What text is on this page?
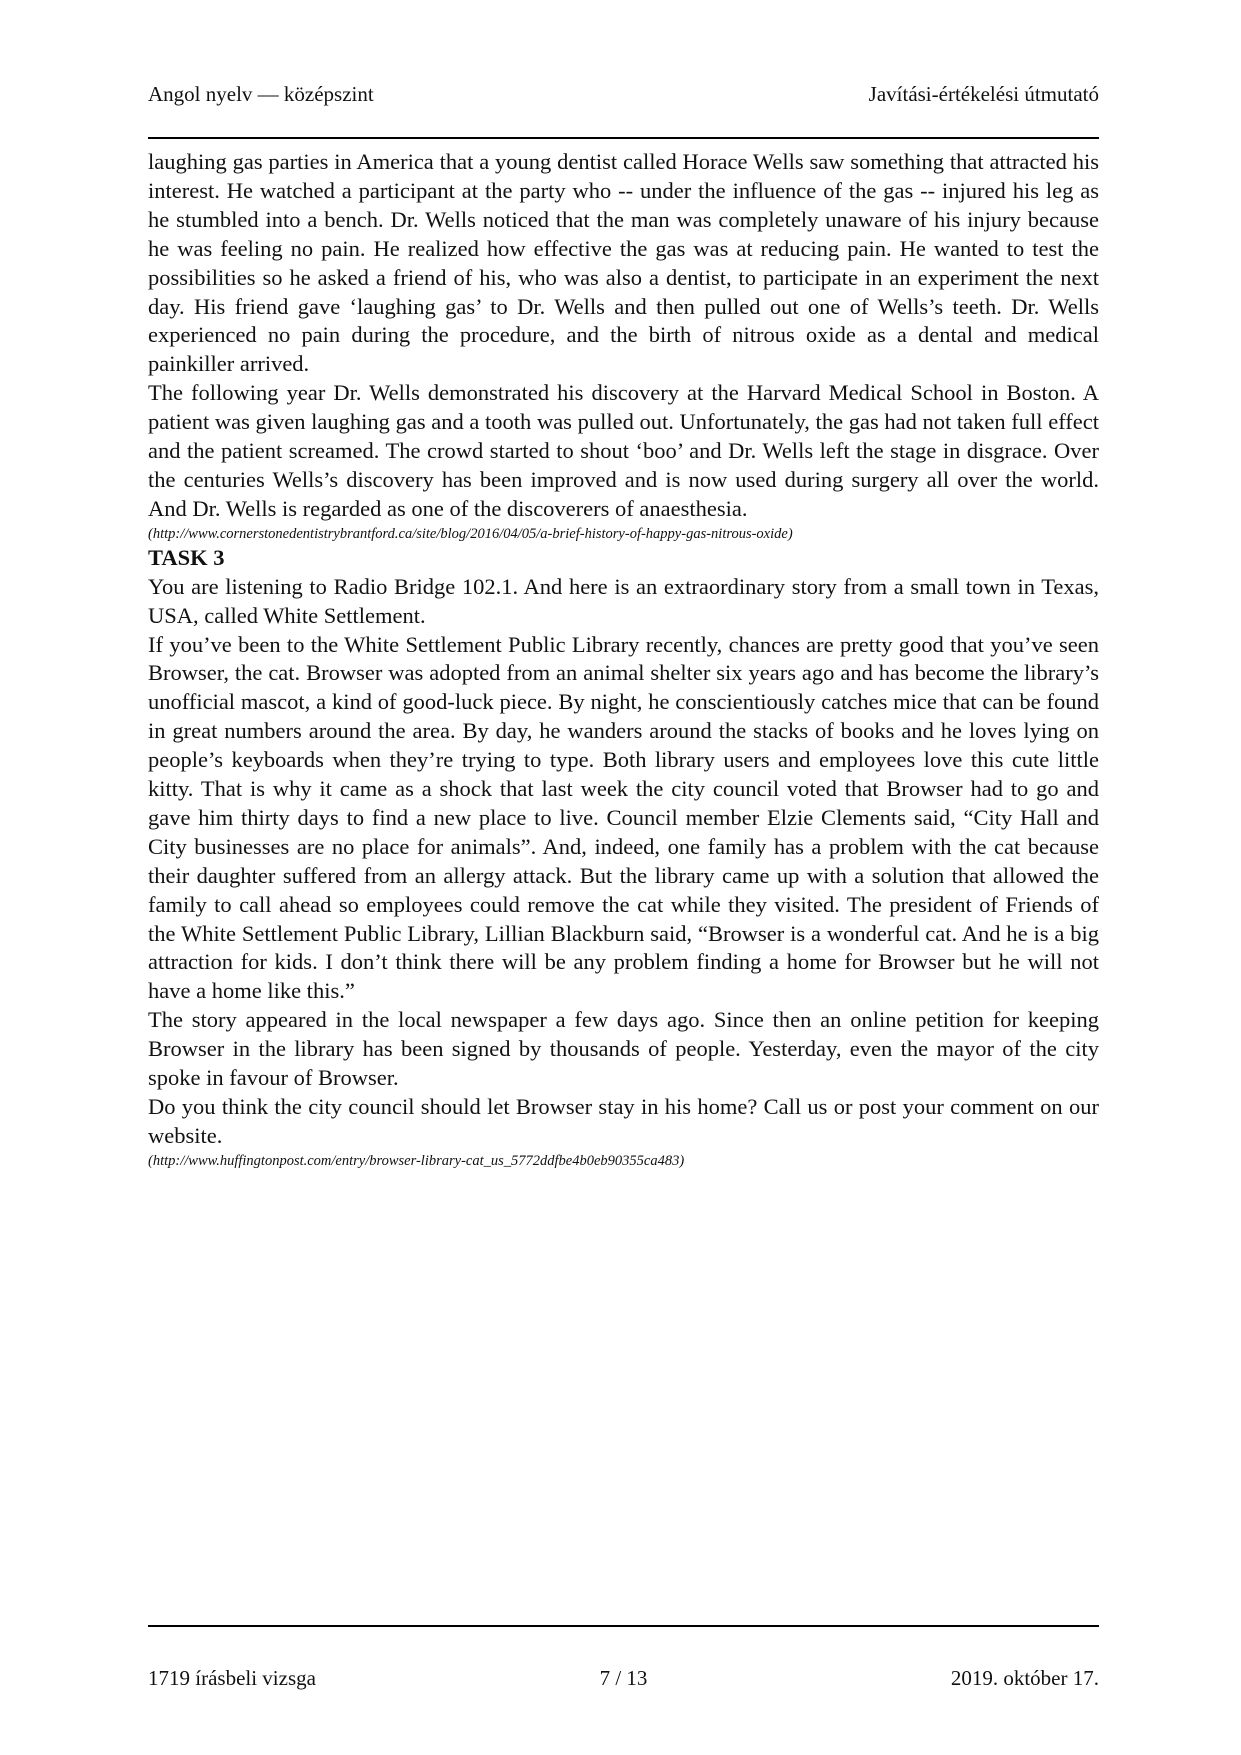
Angol nyelv — középszint	Javítási-értékelési útmutató

laughing gas parties in America that a young dentist called Horace Wells saw something that attracted his interest. He watched a participant at the party who -- under the influence of the gas -- injured his leg as he stumbled into a bench. Dr. Wells noticed that the man was completely unaware of his injury because he was feeling no pain. He realized how effective the gas was at reducing pain. He wanted to test the possibilities so he asked a friend of his, who was also a dentist, to participate in an experiment the next day. His friend gave ‘laughing gas’ to Dr. Wells and then pulled out one of Wells’s teeth. Dr. Wells experienced no pain during the procedure, and the birth of nitrous oxide as a dental and medical painkiller arrived.

The following year Dr. Wells demonstrated his discovery at the Harvard Medical School in Boston. A patient was given laughing gas and a tooth was pulled out. Unfortunately, the gas had not taken full effect and the patient screamed. The crowd started to shout ‘boo’ and Dr. Wells left the stage in disgrace. Over the centuries Wells’s discovery has been improved and is now used during surgery all over the world. And Dr. Wells is regarded as one of the discoverers of anaesthesia.

(http://www.cornerstonedentistrybrantford.ca/site/blog/2016/04/05/a-brief-history-of-happy-gas-nitrous-oxide)

TASK 3

You are listening to Radio Bridge 102.1. And here is an extraordinary story from a small town in Texas, USA, called White Settlement.

If you’ve been to the White Settlement Public Library recently, chances are pretty good that you’ve seen Browser, the cat. Browser was adopted from an animal shelter six years ago and has become the library’s unofficial mascot, a kind of good-luck piece. By night, he conscientiously catches mice that can be found in great numbers around the area. By day, he wanders around the stacks of books and he loves lying on people’s keyboards when they’re trying to type. Both library users and employees love this cute little kitty. That is why it came as a shock that last week the city council voted that Browser had to go and gave him thirty days to find a new place to live. Council member Elzie Clements said, “City Hall and City businesses are no place for animals”. And, indeed, one family has a problem with the cat because their daughter suffered from an allergy attack. But the library came up with a solution that allowed the family to call ahead so employees could remove the cat while they visited. The president of Friends of the White Settlement Public Library, Lillian Blackburn said, “Browser is a wonderful cat. And he is a big attraction for kids. I don’t think there will be any problem finding a home for Browser but he will not have a home like this.”

The story appeared in the local newspaper a few days ago. Since then an online petition for keeping Browser in the library has been signed by thousands of people. Yesterday, even the mayor of the city spoke in favour of Browser.

Do you think the city council should let Browser stay in his home? Call us or post your comment on our website.

(http://www.huffingtonpost.com/entry/browser-library-cat_us_5772ddfbe4b0eb90355ca483)

1719 írásbeli vizsga	7 / 13	2019. október 17.
